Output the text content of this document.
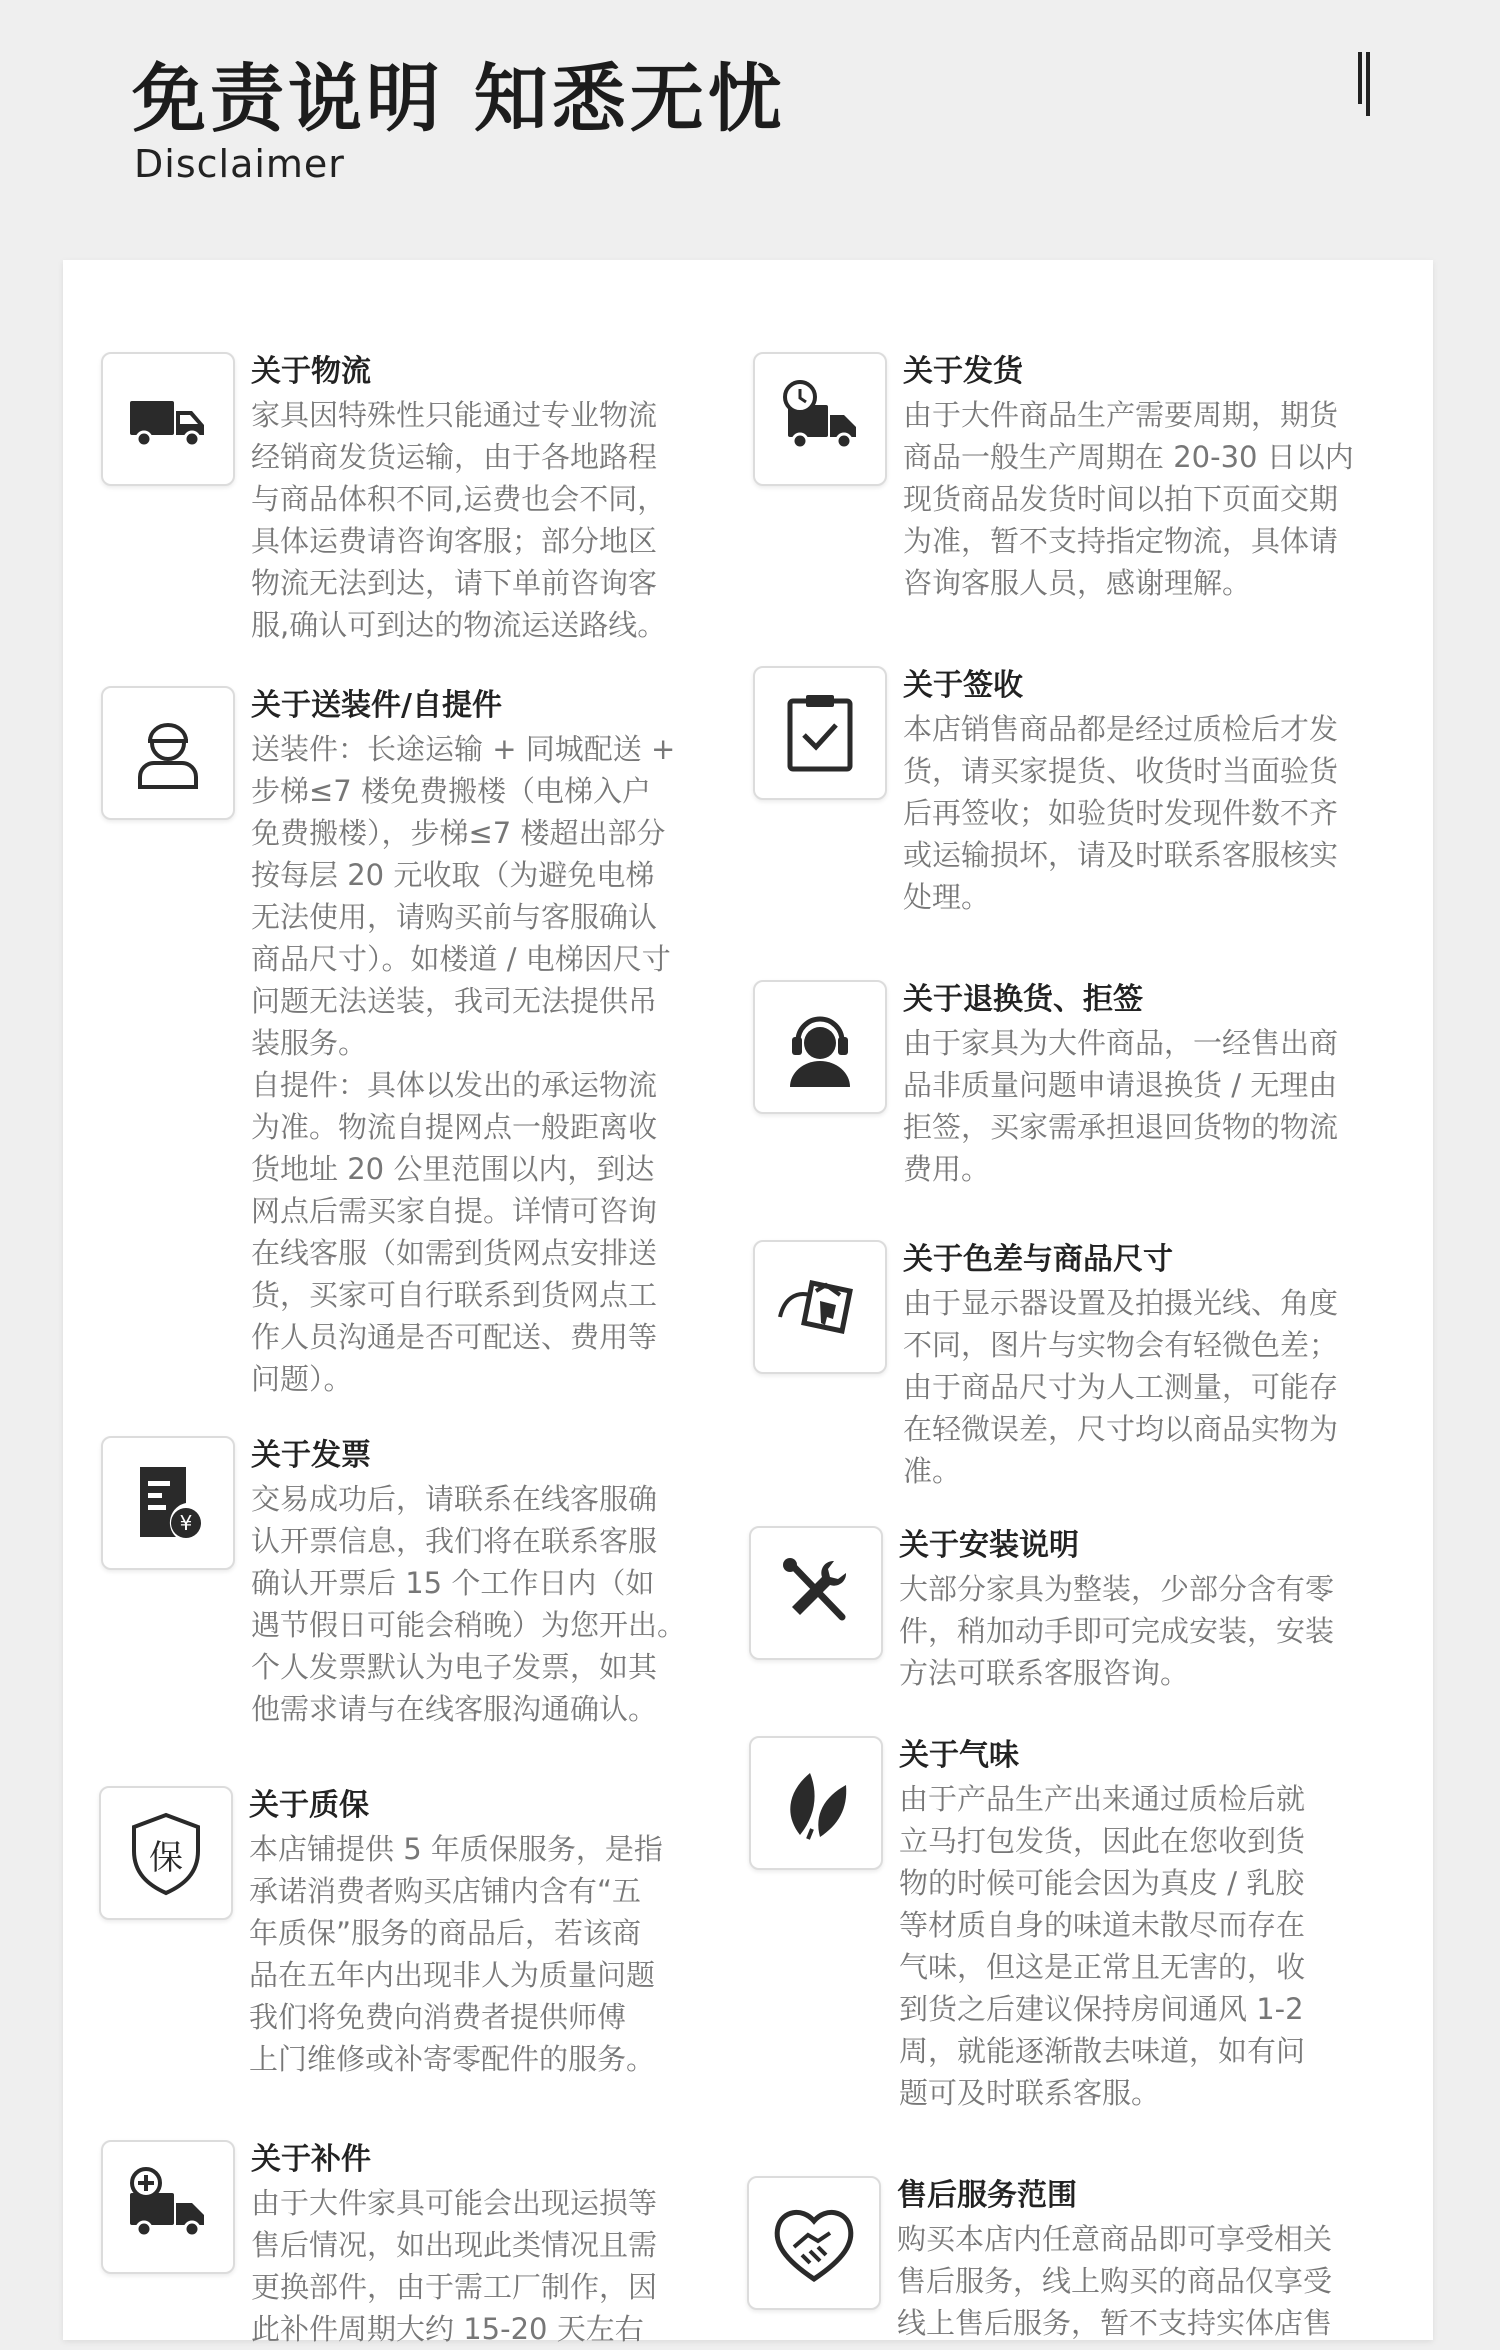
免责说明 知悉无忧
Disclaimer
关于物流
家具因特殊性只能通过专业物流
经销商发货运输，由于各地路程
与商品体积不同,运费也会不同，
具体运费请咨询客服；部分地区
物流无法到达，请下单前咨询客
服,确认可到达的物流运送路线。
关于送装件/自提件
送装件：长途运输 + 同城配送 +
步梯≤7 楼免费搬楼（电梯入户
免费搬楼），步梯≤7 楼超出部分
按每层 20 元收取（为避免电梯
无法使用，请购买前与客服确认
商品尺寸）。如楼道 / 电梯因尺寸
问题无法送装，我司无法提供吊
装服务。
自提件：具体以发出的承运物流
为准。物流自提网点一般距离收
货地址 20 公里范围以内，到达
网点后需买家自提。详情可咨询
在线客服（如需到货网点安排送
货，买家可自行联系到货网点工
作人员沟通是否可配送、费用等
问题）。
¥
关于发票
交易成功后，请联系在线客服确
认开票信息，我们将在联系客服
确认开票后 15 个工作日内（如
遇节假日可能会稍晚）为您开出。
个人发票默认为电子发票，如其
他需求请与在线客服沟通确认。
保
关于质保
本店铺提供 5 年质保服务，是指
承诺消费者购买店铺内含有“五
年质保”服务的商品后，若该商
品在五年内出现非人为质量问题
我们将免费向消费者提供师傅
上门维修或补寄零配件的服务。
关于补件
由于大件家具可能会出现运损等
售后情况，如出现此类情况且需
更换部件，由于需工厂制作，因
此补件周期大约 15-20 天左右
关于发货
由于大件商品生产需要周期，期货
商品一般生产周期在 20-30 日以内
现货商品发货时间以拍下页面交期
为准，暂不支持指定物流，具体请
咨询客服人员，感谢理解。
关于签收
本店销售商品都是经过质检后才发
货，请买家提货、收货时当面验货
后再签收；如验货时发现件数不齐
或运输损坏，请及时联系客服核实
处理。
关于退换货、拒签
由于家具为大件商品，一经售出商
品非质量问题申请退换货 / 无理由
拒签，买家需承担退回货物的物流
费用。
关于色差与商品尺寸
由于显示器设置及拍摄光线、角度
不同，图片与实物会有轻微色差；
由于商品尺寸为人工测量，可能存
在轻微误差，尺寸均以商品实物为
准。
关于安装说明
大部分家具为整装，少部分含有零
件，稍加动手即可完成安装，安装
方法可联系客服咨询。
关于气味
由于产品生产出来通过质检后就
立马打包发货，因此在您收到货
物的时候可能会因为真皮 / 乳胶
等材质自身的味道未散尽而存在
气味，但这是正常且无害的，收
到货之后建议保持房间通风 1-2
周，就能逐渐散去味道，如有问
题可及时联系客服。
售后服务范围
购买本店内任意商品即可享受相关
售后服务，线上购买的商品仅享受
线上售后服务，暂不支持实体店售
